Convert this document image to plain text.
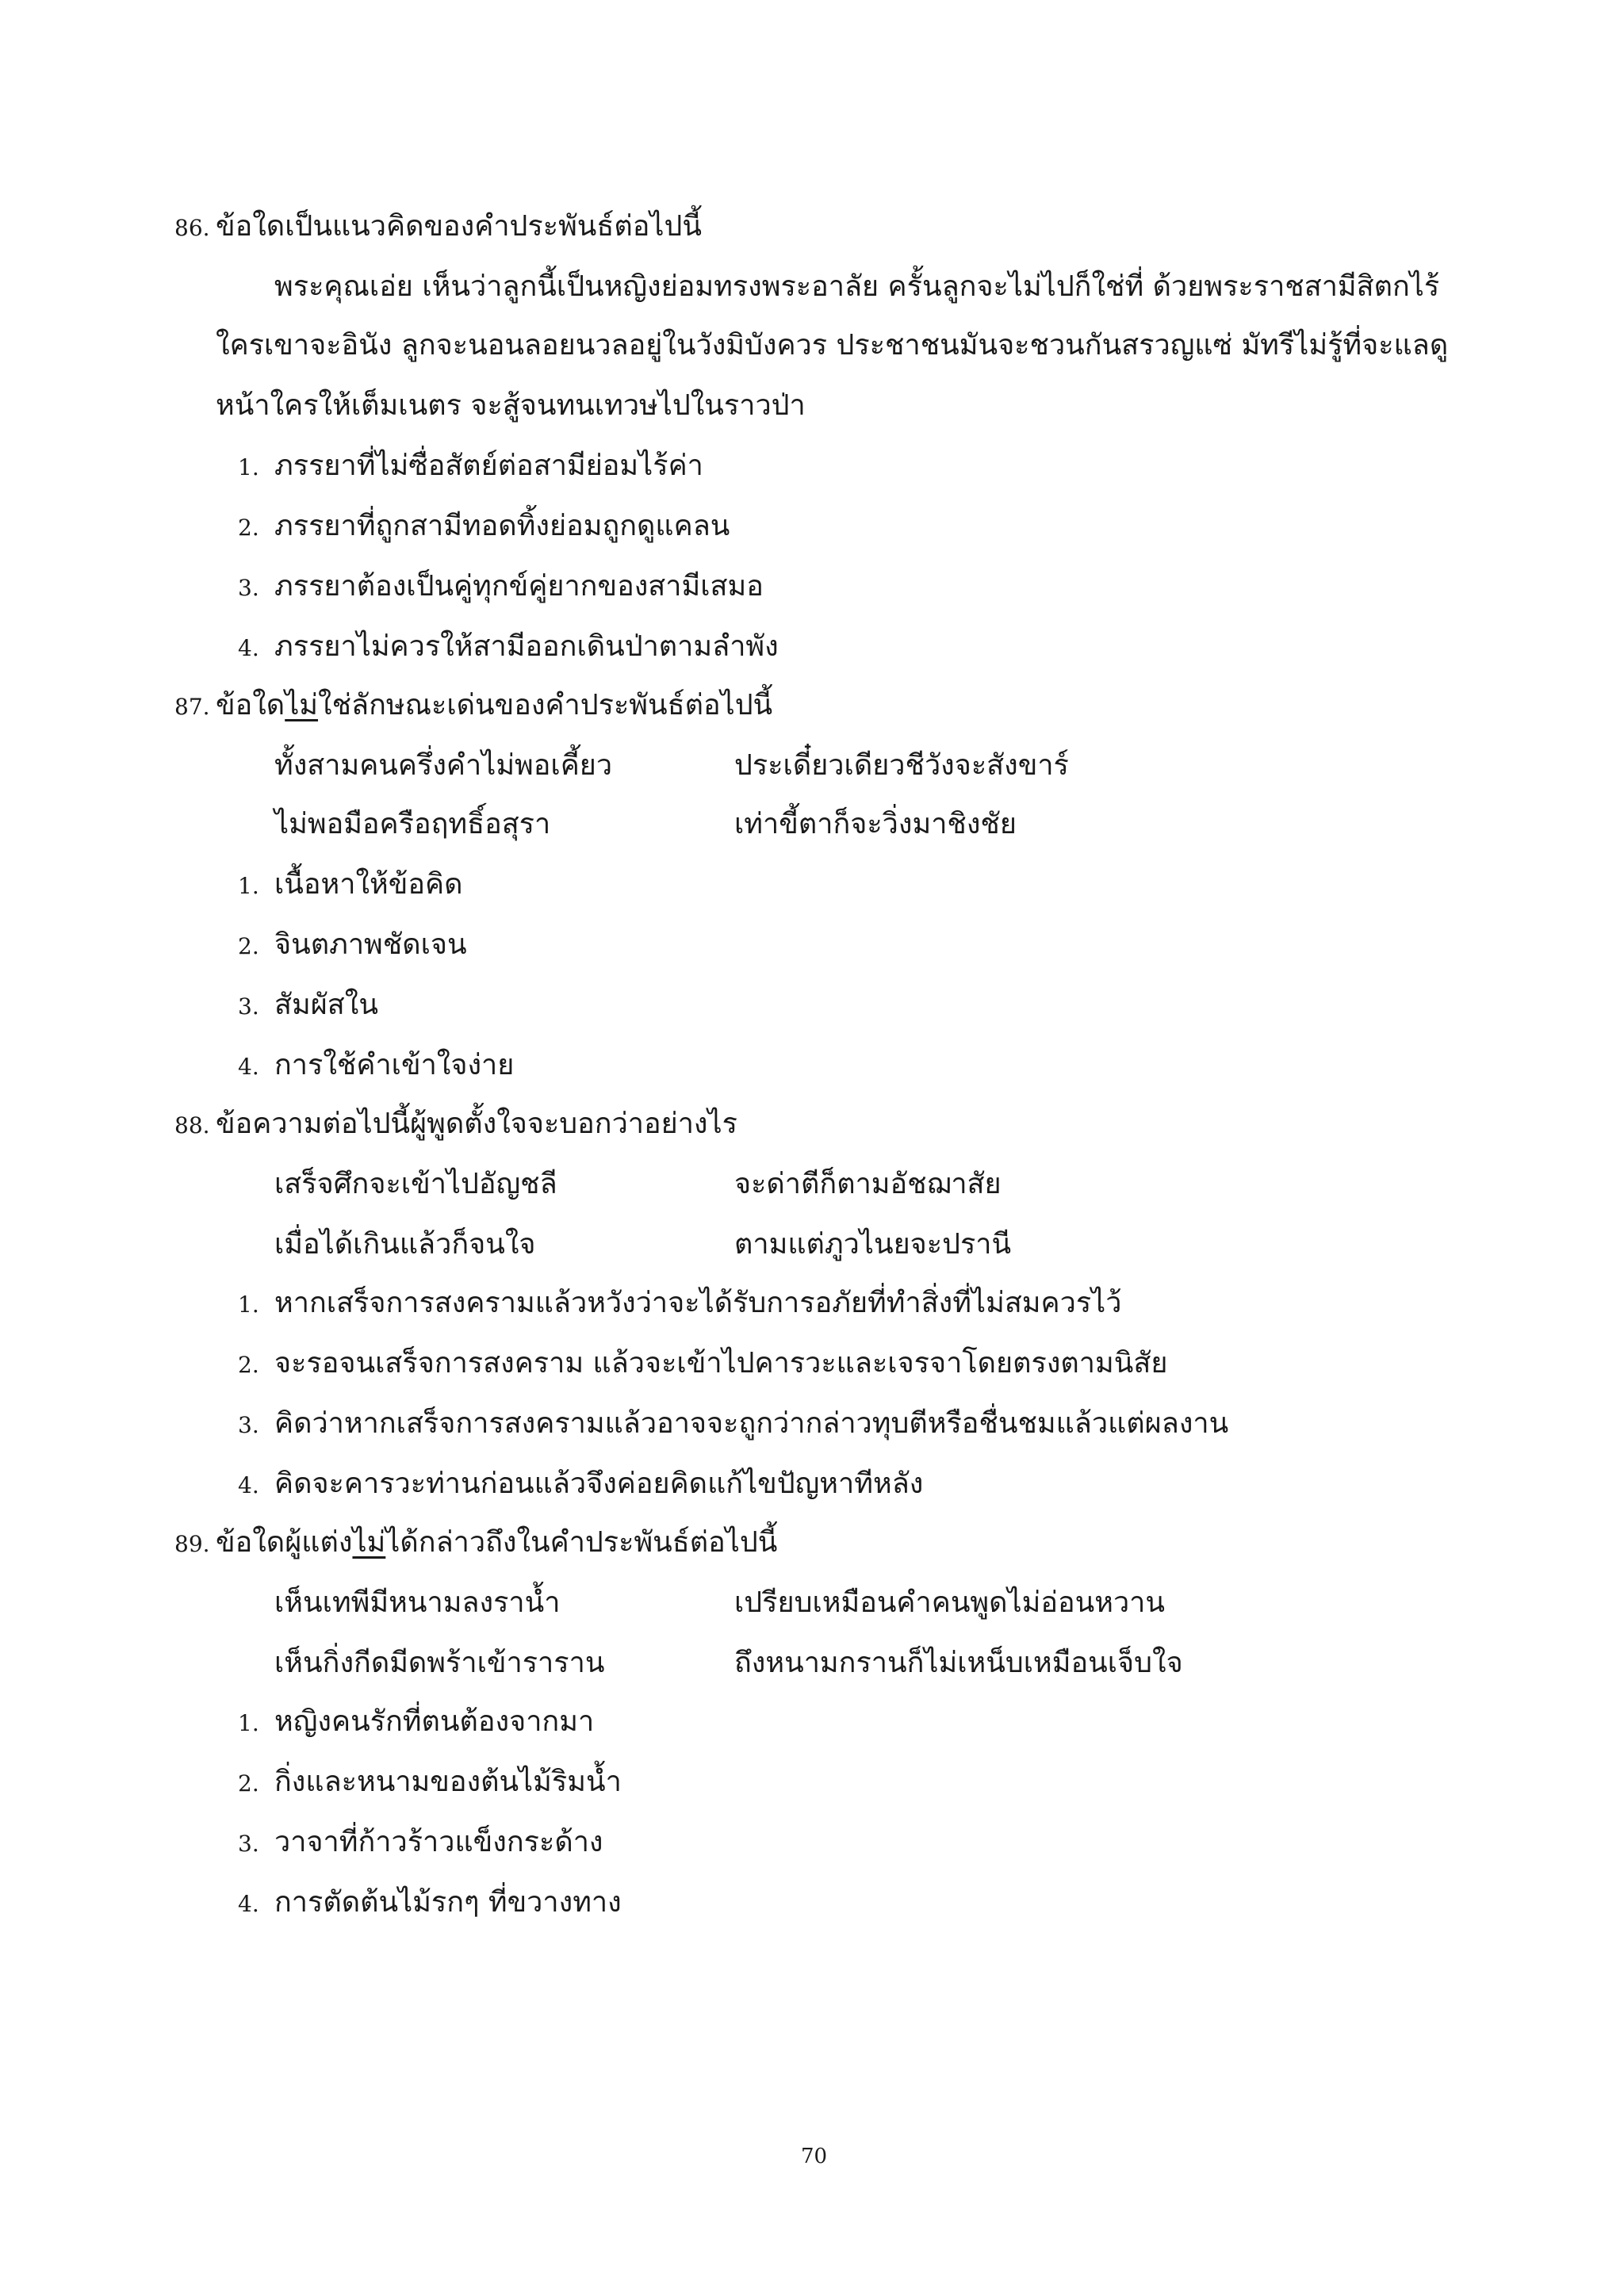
86. ข้อใดเป็นแนวคิดของคำประพันธ์ต่อไปนี้
พระคุณเอ่ย เห็นว่าลูกนี้เป็นหญิงย่อมทรงพระอาลัย ครั้นลูกจะไม่ไปก็ใช่ที่ ด้วยพระราชสามีสิตกไร้
ใครเขาจะอินัง ลูกจะนอนลอยนวลอยู่ในวังมิบังควร ประชาชนมันจะชวนกันสรวญแซ่ มัทรีไม่รู้ที่จะแลดู
หน้าใครให้เต็มเนตร จะสู้จนทนเทวษไปในราวป่า
1. ภรรยาที่ไม่ซื่อสัตย์ต่อสามีย่อมไร้ค่า
2. ภรรยาที่ถูกสามีทอดทิ้งย่อมถูกดูแคลน
3. ภรรยาต้องเป็นคู่ทุกข์คู่ยากของสามีเสมอ
4. ภรรยาไม่ควรให้สามีออกเดินป่าตามลำพัง
87. ข้อใดไม่ใช่ลักษณะเด่นของคำประพันธ์ต่อไปนี้
ทั้งสามคนครึ่งคำไม่พอเคี้ยว	ประเดี๋ยวเดียวชีวังจะสังขาร์
ไม่พอมือครือฤทธิ์อสุรา	เท่าขี้ตาก็จะวิ่งมาชิงชัย
1. เนื้อหาให้ข้อคิด
2. จินตภาพชัดเจน
3. สัมผัสใน
4. การใช้คำเข้าใจง่าย
88. ข้อความต่อไปนี้ผู้พูดตั้งใจจะบอกว่าอย่างไร
เสร็จศึกจะเข้าไปอัญชลี	จะด่าตีก็ตามอัชฌาสัย
เมื่อได้เกินแล้วก็จนใจ	ตามแต่ภูวไนยจะปรานี
1. หากเสร็จการสงครามแล้วหวังว่าจะได้รับการอภัยที่ทำสิ่งที่ไม่สมควรไว้
2. จะรอจนเสร็จการสงคราม แล้วจะเข้าไปคารวะและเจรจาโดยตรงตามนิสัย
3. คิดว่าหากเสร็จการสงครามแล้วอาจจะถูกว่ากล่าวทุบตีหรือชื่นชมแล้วแต่ผลงาน
4. คิดจะคารวะท่านก่อนแล้วจึงค่อยคิดแก้ไขปัญหาทีหลัง
89. ข้อใดผู้แต่งไม่ได้กล่าวถึงในคำประพันธ์ต่อไปนี้
เห็นเทพีมีหนามลงราน้ำ	เปรียบเหมือนคำคนพูดไม่อ่อนหวาน
เห็นกิ่งกีดมีดพร้าเข้าราราน	ถึงหนามกรานก็ไม่เหน็บเหมือนเจ็บใจ
1. หญิงคนรักที่ตนต้องจากมา
2. กิ่งและหนามของต้นไม้ริมน้ำ
3. วาจาที่ก้าวร้าวแข็งกระด้าง
4. การตัดต้นไม้รกๆ ที่ขวางทาง
70
